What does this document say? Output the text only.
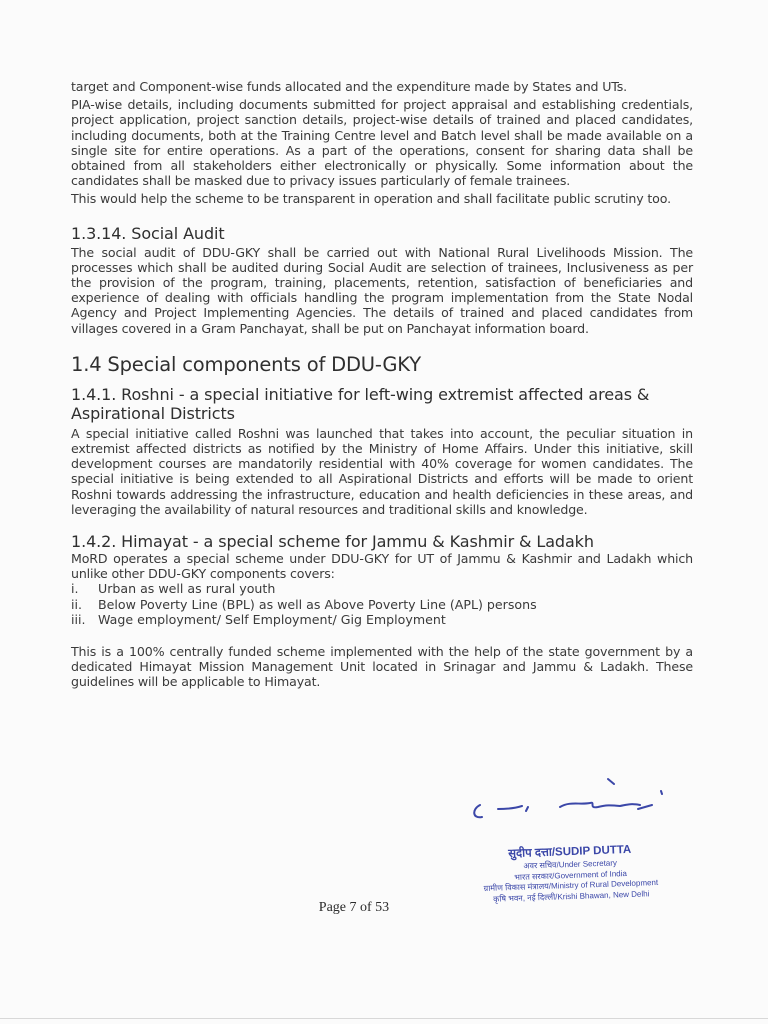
target and Component-wise funds allocated and the expenditure made by States and UTs.

PIA-wise details, including documents submitted for project appraisal and establishing credentials, project application, project sanction details, project-wise details of trained and placed candidates, including documents, both at the Training Centre level and Batch level shall be made available on a single site for entire operations. As a part of the operations, consent for sharing data shall be obtained from all stakeholders either electronically or physically. Some information about the candidates shall be masked due to privacy issues particularly of female trainees.

This would help the scheme to be transparent in operation and shall facilitate public scrutiny too.

1.3.14. Social Audit

The social audit of DDU-GKY shall be carried out with National Rural Livelihoods Mission. The processes which shall be audited during Social Audit are selection of trainees, Inclusiveness as per the provision of the program, training, placements, retention, satisfaction of beneficiaries and experience of dealing with officials handling the program implementation from the State Nodal Agency and Project Implementing Agencies. The details of trained and placed candidates from villages covered in a Gram Panchayat, shall be put on Panchayat information board.

1.4 Special components of DDU-GKY
1.4.1. Roshni - a special initiative for left-wing extremist affected areas & Aspirational Districts

A special initiative called Roshni was launched that takes into account, the peculiar situation in extremist affected districts as notified by the Ministry of Home Affairs. Under this initiative, skill development courses are mandatorily residential with 40% coverage for women candidates. The special initiative is being extended to all Aspirational Districts and efforts will be made to orient Roshni towards addressing the infrastructure, education and health deficiencies in these areas, and leveraging the availability of natural resources and traditional skills and knowledge.

1.4.2. Himayat - a special scheme for Jammu & Kashmir & Ladakh

MoRD operates a special scheme under DDU-GKY for UT of Jammu & Kashmir and Ladakh which unlike other DDU-GKY components covers:

i.	Urban as well as rural youth
ii.	Below Poverty Line (BPL) as well as Above Poverty Line (APL) persons
iii. Wage employment/ Self Employment/ Gig Employment

This is a 100% centrally funded scheme implemented with the help of the state government by a dedicated Himayat Mission Management Unit located in Srinagar and Jammu & Ladakh. These guidelines will be applicable to Himayat.

सुदीप दत्ता/SUDIP DUTTA
अवर सचिव/Under Secretary
भारत सरकार/Government of India
ग्रामीण विकास मंत्रालय/Ministry of Rural Development
कृषि भवन, नई दिल्ली/Krishi Bhawan, New Delhi
Page 7 of 53
